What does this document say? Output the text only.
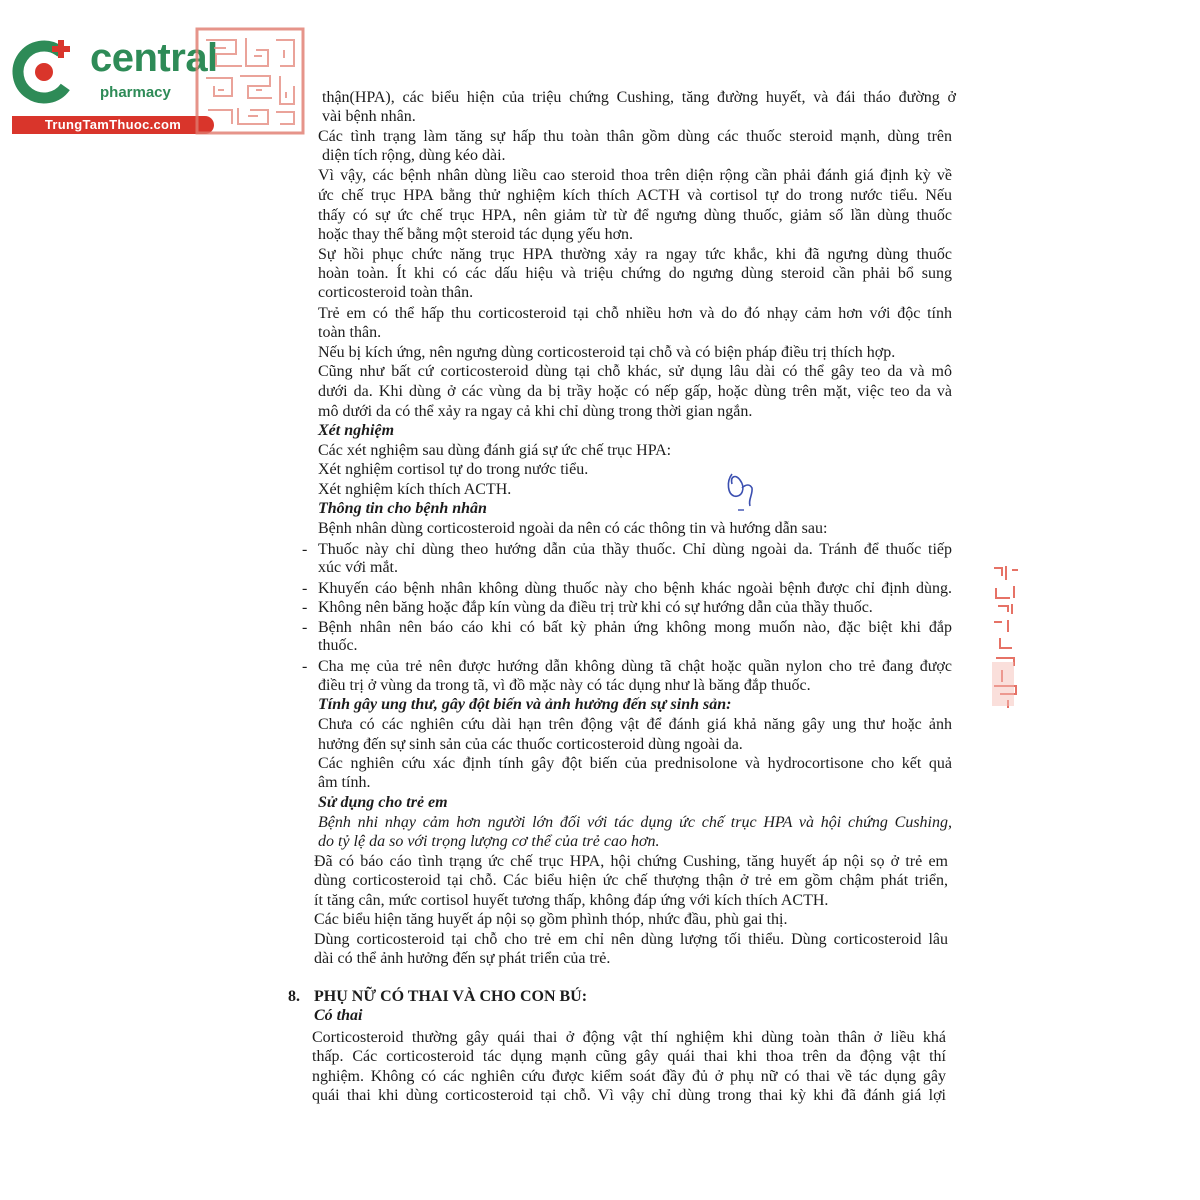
central
pharmacy
TrungTamThuoc.com
thận(HPA), các biểu hiện của triệu chứng Cushing, tăng đường huyết, và đái tháo đường ở
vài bệnh nhân.
Các tình trạng làm tăng sự hấp thu toàn thân gồm dùng các thuốc steroid mạnh, dùng trên
diện tích rộng, dùng kéo dài.
Vì vậy, các bệnh nhân dùng liều cao steroid thoa trên diện rộng cần phải đánh giá định kỳ về
ức chế trục HPA bằng thử nghiệm kích thích ACTH và cortisol tự do trong nước tiểu. Nếu
thấy có sự ức chế trục HPA, nên giảm từ từ để ngưng dùng thuốc, giảm số lần dùng thuốc
hoặc thay thế bằng một steroid tác dụng yếu hơn.
Sự hồi phục chức năng trục HPA thường xảy ra ngay tức khắc, khi đã ngưng dùng thuốc
hoàn toàn. Ít khi có các dấu hiệu và triệu chứng do ngưng dùng steroid cần phải bổ sung
corticosteroid toàn thân.
Trẻ em có thể hấp thu corticosteroid tại chỗ nhiều hơn và do đó nhạy cảm hơn với độc tính
toàn thân.
Nếu bị kích ứng, nên ngưng dùng corticosteroid tại chỗ và có biện pháp điều trị thích hợp.
Cũng như bất cứ corticosteroid dùng tại chỗ khác, sử dụng lâu dài có thể gây teo da và mô
dưới da. Khi dùng ở các vùng da bị trầy hoặc có nếp gấp, hoặc dùng trên mặt, việc teo da và
mô dưới da có thể xảy ra ngay cả khi chỉ dùng trong thời gian ngắn.
Xét nghiệm
Các xét nghiệm sau dùng đánh giá sự ức chế trục HPA:
Xét nghiệm cortisol tự do trong nước tiểu.
Xét nghiệm kích thích ACTH.
Thông tin cho bệnh nhân
Bệnh nhân dùng corticosteroid ngoài da nên có các thông tin và hướng dẫn sau:
- Thuốc này chỉ dùng theo hướng dẫn của thầy thuốc. Chỉ dùng ngoài da. Tránh để thuốc tiếp
xúc với mắt.
- Khuyến cáo bệnh nhân không dùng thuốc này cho bệnh khác ngoài bệnh được chỉ định dùng.
- Không nên băng hoặc đắp kín vùng da điều trị trừ khi có sự hướng dẫn của thầy thuốc.
- Bệnh nhân nên báo cáo khi có bất kỳ phản ứng không mong muốn nào, đặc biệt khi đắp
thuốc.
- Cha mẹ của trẻ nên được hướng dẫn không dùng tã chật hoặc quần nylon cho trẻ đang được
điều trị ở vùng da trong tã, vì đồ mặc này có tác dụng như là băng đắp thuốc.
Tính gây ung thư, gây đột biến và ảnh hưởng đến sự sinh sản:
Chưa có các nghiên cứu dài hạn trên động vật để đánh giá khả năng gây ung thư hoặc ảnh
hưởng đến sự sinh sản của các thuốc corticosteroid dùng ngoài da.
Các nghiên cứu xác định tính gây đột biến của prednisolone và hydrocortisone cho kết quả
âm tính.
Sử dụng cho trẻ em
Bệnh nhi nhạy cảm hơn người lớn đối với tác dụng ức chế trục HPA và hội chứng Cushing,
do tỷ lệ da so với trọng lượng cơ thể của trẻ cao hơn.
Đã có báo cáo tình trạng ức chế trục HPA, hội chứng Cushing, tăng huyết áp nội sọ ở trẻ em
dùng corticosteroid tại chỗ. Các biểu hiện ức chế thượng thận ở trẻ em gồm chậm phát triển,
ít tăng cân, mức cortisol huyết tương thấp, không đáp ứng với kích thích ACTH.
Các biểu hiện tăng huyết áp nội sọ gồm phình thóp, nhức đầu, phù gai thị.
Dùng corticosteroid tại chỗ cho trẻ em chỉ nên dùng lượng tối thiểu. Dùng corticosteroid lâu
dài có thể ảnh hưởng đến sự phát triển của trẻ.
8. PHỤ NỮ CÓ THAI VÀ CHO CON BÚ:
Có thai
Corticosteroid thường gây quái thai ở động vật thí nghiệm khi dùng toàn thân ở liều khá
thấp. Các corticosteroid tác dụng mạnh cũng gây quái thai khi thoa trên da động vật thí
nghiệm. Không có các nghiên cứu được kiểm soát đầy đủ ở phụ nữ có thai về tác dụng gây
quái thai khi dùng corticosteroid tại chỗ. Vì vậy chỉ dùng trong thai kỳ khi đã đánh giá lợi
